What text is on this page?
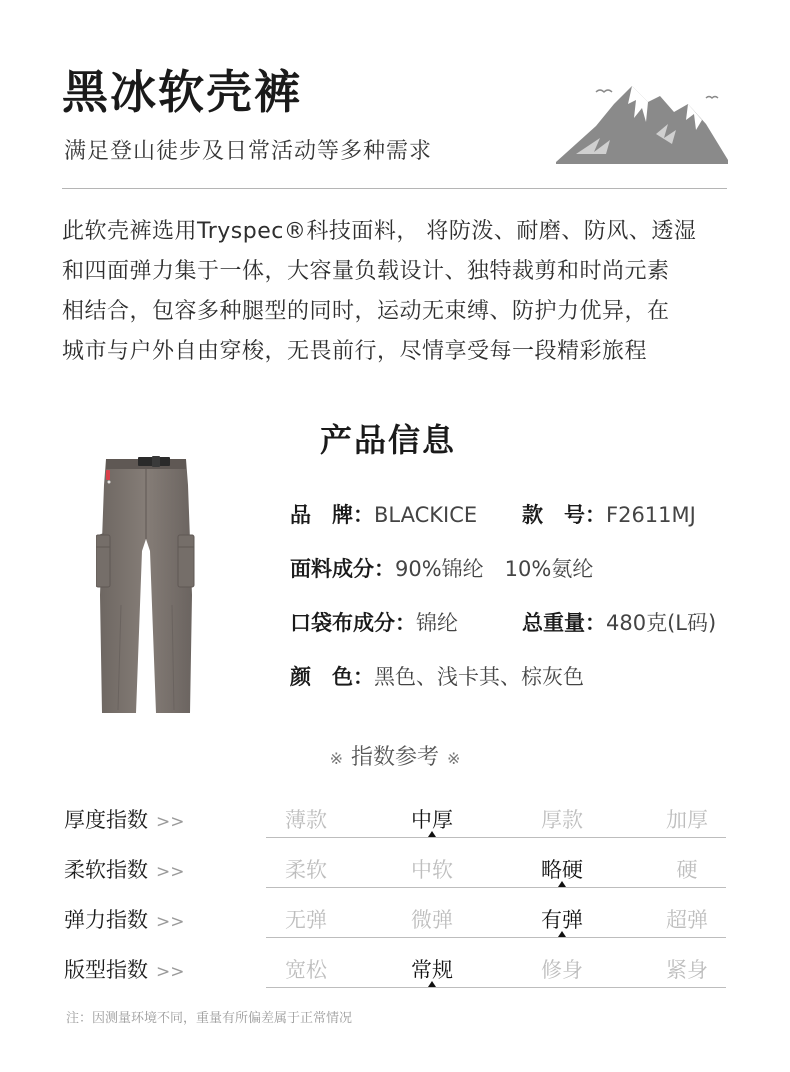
黑冰软壳裤
满足登山徒步及日常活动等多种需求
此软壳裤选用Tryspec®科技面料， 将防泼、耐磨、防风、透湿
和四面弹力集于一体，大容量负载设计、独特裁剪和时尚元素
相结合，包容多种腿型的同时，运动无束缚、防护力优异，在
城市与户外自由穿梭，无畏前行，尽情享受每一段精彩旅程
产品信息
品　牌：BLACKICE 款　号：F2611MJ
面料成分：90%锦纶　10%氨纶
口袋布成分：锦纶	总重量：480克(L码)
颜　色：黑色、浅卡其、棕灰色
※ 指数参考 ※
厚度指数 >>	薄款	中厚	厚款	加厚
柔软指数 >>	柔软	中软	略硬	硬
弹力指数 >>	无弹	微弹	有弹	超弹
版型指数 >>	宽松	常规	修身	紧身
注：因测量环境不同，重量有所偏差属于正常情况
